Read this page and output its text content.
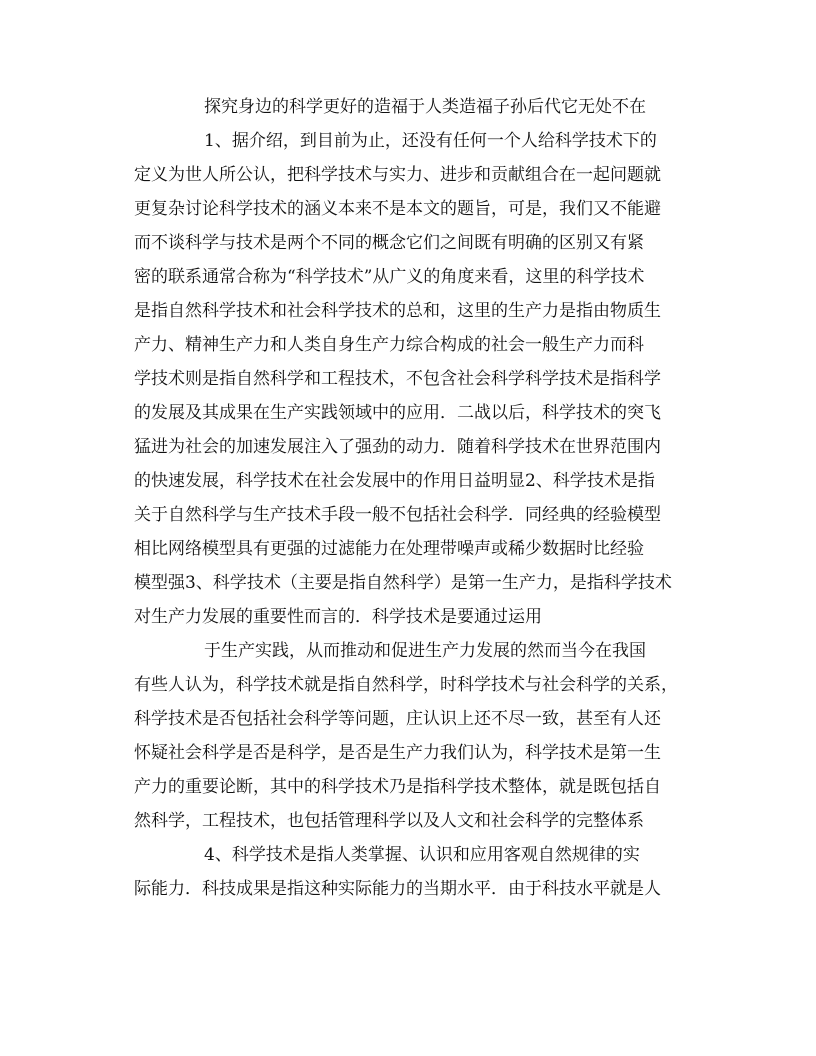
探究身边的科学更好的造福于人类造福子孙后代它无处不在
1、据介绍，到目前为止，还没有任何一个人给科学技术下的
定义为世人所公认，把科学技术与实力、进步和贡献组合在一起问题就
更复杂讨论科学技术的涵义本来不是本文的题旨，可是，我们又不能避
而不谈科学与技术是两个不同的概念它们之间既有明确的区别又有紧
密的联系通常合称为“科学技术”从广义的角度来看，这里的科学技术
是指自然科学技术和社会科学技术的总和，这里的生产力是指由物质生
产力、精神生产力和人类自身生产力综合构成的社会一般生产力而科
学技术则是指自然科学和工程技术，不包含社会科学科学技术是指科学
的发展及其成果在生产实践领域中的应用．二战以后，科学技术的突飞
猛进为社会的加速发展注入了强劲的动力．随着科学技术在世界范围内
的快速发展，科学技术在社会发展中的作用日益明显2、科学技术是指
关于自然科学与生产技术手段一般不包括社会科学．同经典的经验模型
相比网络模型具有更强的过滤能力在处理带噪声或稀少数据时比经验
模型强3、科学技术（主要是指自然科学）是第一生产力，是指科学技术
对生产力发展的重要性而言的．科学技术是要通过运用
于生产实践，从而推动和促进生产力发展的然而当今在我国
有些人认为，科学技术就是指自然科学，时科学技术与社会科学的关系，
科学技术是否包括社会科学等问题，庄认识上还不尽一致，甚至有人还
怀疑社会科学是否是科学，是否是生产力我们认为，科学技术是第一生
产力的重要论断，其中的科学技术乃是指科学技术整体，就是既包括自
然科学，工程技术，也包括管理科学以及人文和社会科学的完整体系
4、科学技术是指人类掌握、认识和应用客观自然规律的实
际能力．科技成果是指这种实际能力的当期水平．由于科技水平就是人
